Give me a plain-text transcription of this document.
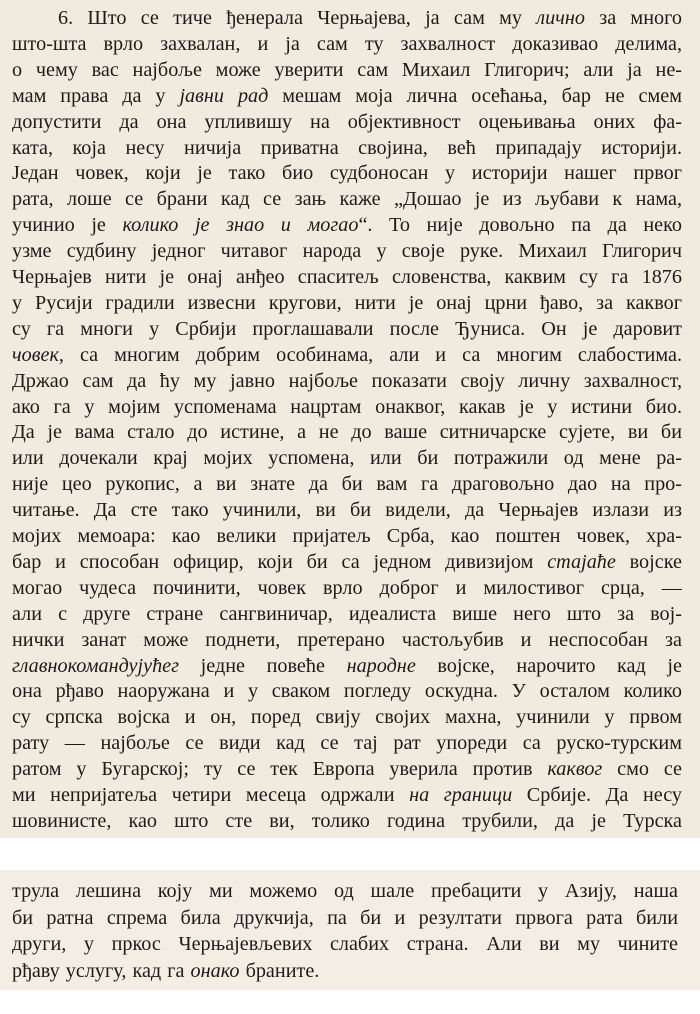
6. Што се тиче ђенерала Черњајева, ја сам му лично за много
што-шта врло захвалан, и ја сам ту захвалност доказивао делима,
о чему вас најбоље може уверити сам Михаил Глигорич; али ја не-
мам права да у јавни рад мешам моја лична осећања, бар не смем
допустити да она упливишу на објективност оцењивања оних фа-
ката, која несу ничија приватна својина, већ припадају историји.
Један човек, који је тако био судбоносан у историји нашег првог
рата, лоше се брани кад се зањ каже „Дошао је из љубави к нама,
учинио је колико је знао и могао“. То није довољно па да неко
узме судбину једног читавог народа у своје руке. Михаил Глигорич
Черњајев нити је онај анђео спаситељ словенства, каквим су га 1876
у Русији градили извесни кругови, нити је онај црни ђаво, за каквог
су га многи у Србији проглашавали после Ђуниса. Он је даровит
човек, са многим добрим особинама, али и са многим слабостима.
Држао сам да ћу му јавно најбоље показати своју личну захвалност,
ако га у мојим успоменама нацртам онаквог, какав је у истини био.
Да је вама стало до истине, а не до ваше ситничарске сујете, ви би
или дочекали крај мојих успомена, или би потражили од мене ра-
није цео рукопис, а ви знате да би вам га драговољно дао на про-
читање. Да сте тако учинили, ви би видели, да Черњајев излази из
мојих мемоара: као велики пријатељ Срба, као поштен човек, хра-
бар и способан официр, који би са једном дивизијом стајаће војске
могао чудеса починити, човек врло доброг и милостивог срца, —
али с друге стране сангвиничар, идеалиста више него што за вој-
нички занат може поднети, претерано частољубив и неспособан за
главнокомандујућег једне повеће народне војске, нарочито кад је
она рђаво наоружана и у сваком погледу оскудна. У осталом колико
су српска војска и он, поред свију својих махна, учинили у првом
рату — најбоље се види кад се тај рат упореди са руско-турским
ратом у Бугарској; ту се тек Европа уверила против каквог смо се
ми непријатеља четири месеца одржали на граници Србије. Да несу
шовинисте, као што сте ви, толико година трубили, да је Турска
трула лешина коју ми можемо од шале пребацити у Азију, наша
би ратна спрема била друкчија, па би и резултати првога рата били
други, у пркос Черњајевљевих слабих страна. Али ви му чините
рђаву услугу, кад га онако браните.
